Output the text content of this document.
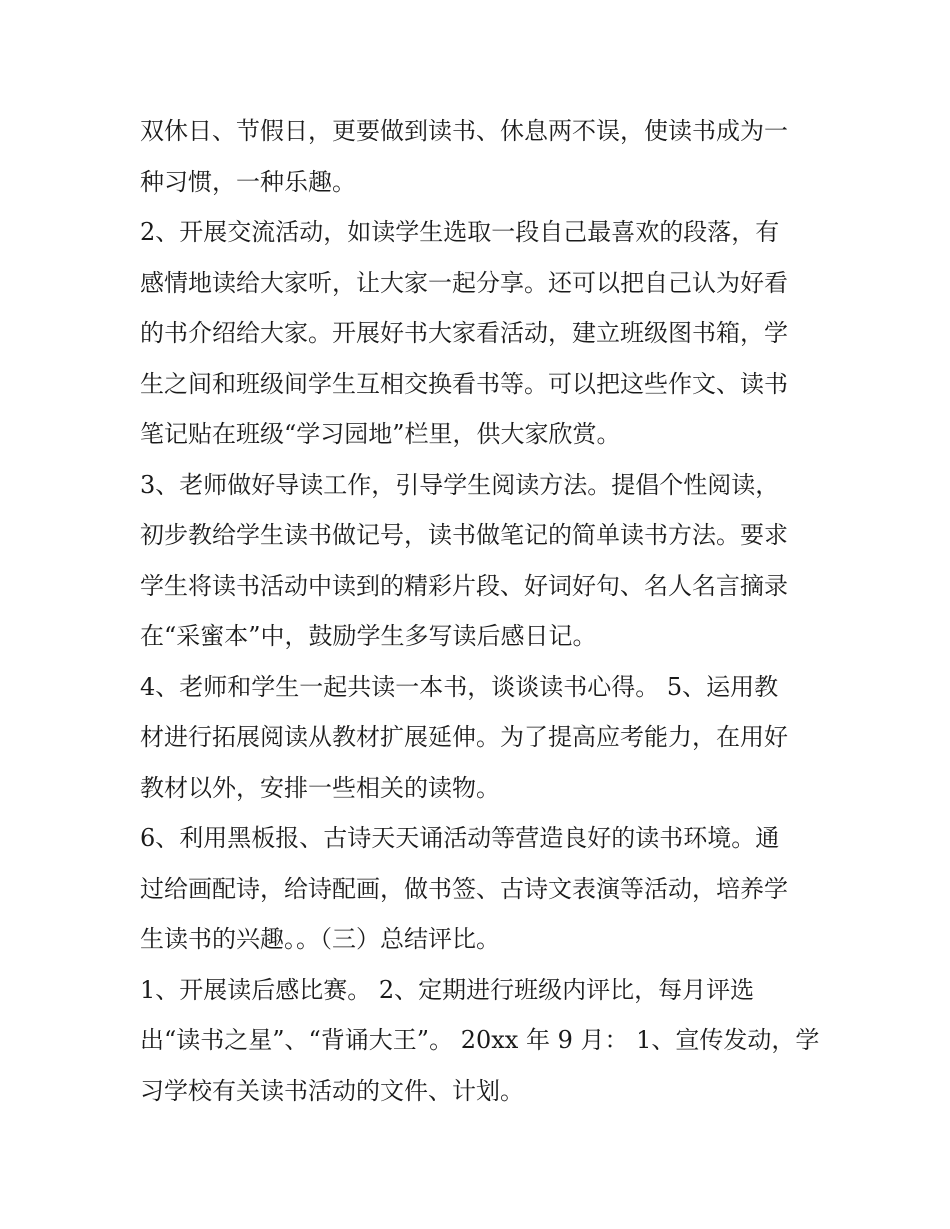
双休日、节假日，更要做到读书、休息两不误，使读书成为一
种习惯，一种乐趣。
2、开展交流活动，如读学生选取一段自己最喜欢的段落，有
感情地读给大家听，让大家一起分享。还可以把自己认为好看
的书介绍给大家。开展好书大家看活动，建立班级图书箱，学
生之间和班级间学生互相交换看书等。可以把这些作文、读书
笔记贴在班级“学习园地”栏里，供大家欣赏。
3、老师做好导读工作，引导学生阅读方法。提倡个性阅读，
初步教给学生读书做记号，读书做笔记的简单读书方法。要求
学生将读书活动中读到的精彩片段、好词好句、名人名言摘录
在“采蜜本”中，鼓励学生多写读后感日记。
4、老师和学生一起共读一本书，谈谈读书心得。 5、运用教
材进行拓展阅读从教材扩展延伸。为了提高应考能力，在用好
教材以外，安排一些相关的读物。
6、利用黑板报、古诗天天诵活动等营造良好的读书环境。通
过给画配诗，给诗配画，做书签、古诗文表演等活动，培养学
生读书的兴趣。。（三）总结评比。
1、开展读后感比赛。 2、定期进行班级内评比，每月评选
出“读书之星”、“背诵大王”。 20xx 年 9 月： 1、宣传发动，学
习学校有关读书活动的文件、计划。
